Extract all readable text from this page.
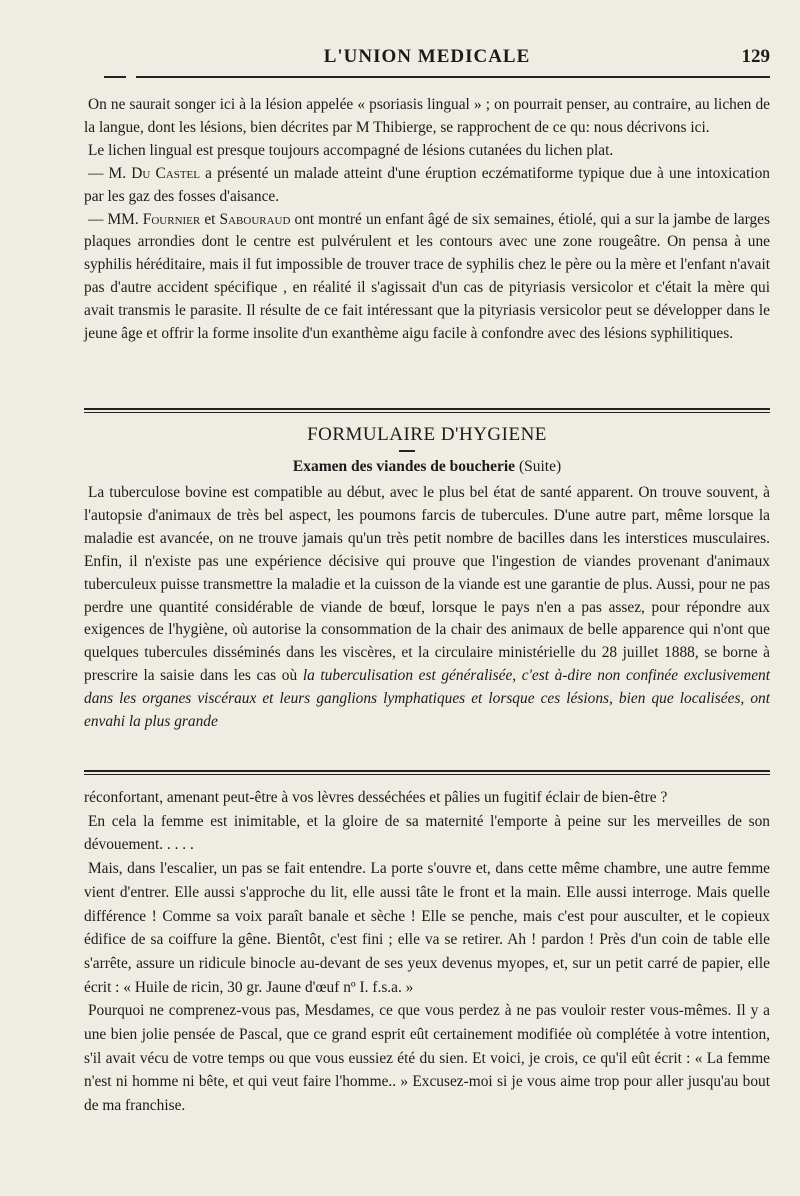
L'UNION MEDICALE	129

On ne saurait songer ici à la lésion appelée « psoriasis lingual » ; on pourrait penser, au contraire, au lichen de la langue, dont les lésions, bien décrites par M Thibierge, se rapprochent de ce qu: nous décrivons ici.

Le lichen lingual est presque toujours accompagné de lésions cutanées du lichen plat.

— M. Du Castel a présenté un malade atteint d'une éruption eczématiforme typique due à une intoxication par les gaz des fosses d'aisance.

— MM. Fournier et Sabouraud ont montré un enfant âgé de six semaines, étiolé, qui a sur la jambe de larges plaques arrondies dont le centre est pulvérulent et les contours avec une zone rougeâtre. On pensa à une syphilis héréditaire, mais il fut impossible de trouver trace de syphilis chez le père ou la mère et l'enfant n'avait pas d'autre accident spécifique , en réalité il s'agissait d'un cas de pityriasis versicolor et c'était la mère qui avait transmis le parasite. Il résulte de ce fait intéressant que la pityriasis versicolor peut se développer dans le jeune âge et offrir la forme insolite d'un exanthème aigu facile à confondre avec des lésions syphilitiques.

FORMULAIRE D'HYGIENE
Examen des viandes de boucherie (Suite)

La tuberculose bovine est compatible au début, avec le plus bel état de santé apparent. On trouve souvent, à l'autopsie d'animaux de très bel aspect, les poumons farcis de tubercules. D'une autre part, même lorsque la maladie est avancée, on ne trouve jamais qu'un très petit nombre de bacilles dans les interstices musculaires. Enfin, il n'existe pas une expérience décisive qui prouve que l'ingestion de viandes provenant d'animaux tuberculeux puisse transmettre la maladie et la cuisson de la viande est une garantie de plus. Aussi, pour ne pas perdre une quantité considérable de viande de bœuf, lorsque le pays n'en a pas assez, pour répondre aux exigences de l'hygiène, où autorise la consommation de la chair des animaux de belle apparence qui n'ont que quelques tubercules disséminés dans les viscères, et la circulaire ministérielle du 28 juillet 1888, se borne à prescrire la saisie dans les cas où la tuberculisation est généralisée, c'est à-dire non confinée exclusivement dans les organes viscéraux et leurs ganglions lymphatiques et lorsque ces lésions, bien que localisées, ont envahi la plus grande

réconfortant, amenant peut-être à vos lèvres desséchées et pâlies un fugitif éclair de bien-être ?

En cela la femme est inimitable, et la gloire de sa maternité l'emporte à peine sur les merveilles de son dévouement. . . . .

Mais, dans l'escalier, un pas se fait entendre. La porte s'ouvre et, dans cette même chambre, une autre femme vient d'entrer. Elle aussi s'approche du lit, elle aussi tâte le front et la main. Elle aussi interroge. Mais quelle différence ! Comme sa voix paraît banale et sèche ! Elle se penche, mais c'est pour ausculter, et le copieux édifice de sa coiffure la gêne. Bientôt, c'est fini ; elle va se retirer. Ah ! pardon ! Près d'un coin de table elle s'arrête, assure un ridicule binocle au-devant de ses yeux devenus myopes, et, sur un petit carré de papier, elle écrit : « Huile de ricin, 30 gr. Jaune d'œuf nº I. f.s.a. »

Pourquoi ne comprenez-vous pas, Mesdames, ce que vous perdez à ne pas vouloir rester vous-mêmes. Il y a une bien jolie pensée de Pascal, que ce grand esprit eût certainement modifiée où complétée à votre intention, s'il avait vécu de votre temps ou que vous eussiez été du sien. Et voici, je crois, ce qu'il eût écrit : « La femme n'est ni homme ni bête, et qui veut faire l'homme.. » Excusez-moi si je vous aime trop pour aller jusqu'au bout de ma franchise.
